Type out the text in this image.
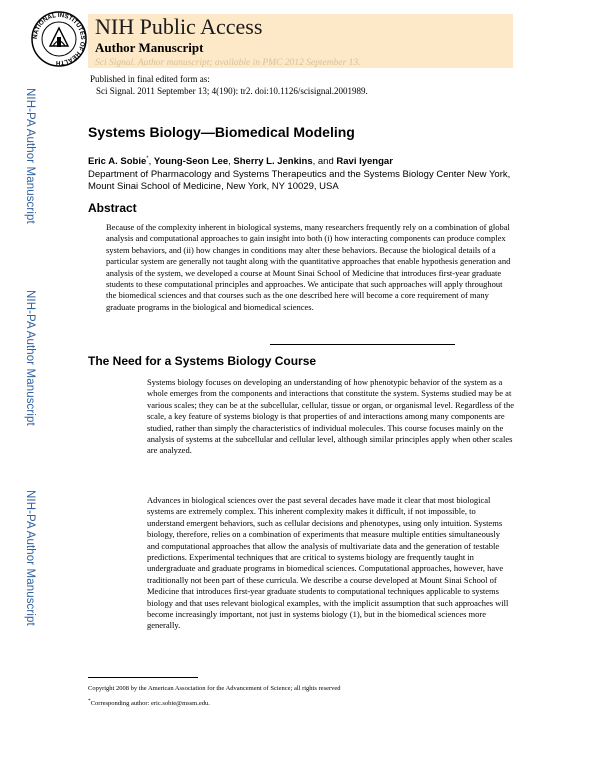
NATIONAL INSTITUTES OF HEALTH
NIH Public Access
Author Manuscript
Sci Signal. Author manuscript; available in PMC 2012 September 13.
Published in final edited form as:
Sci Signal. 2011 September 13; 4(190): tr2. doi:10.1126/scisignal.2001989.
NIH-PA Author Manuscript
NIH-PA Author Manuscript
NIH-PA Author Manuscript
Systems Biology—Biomedical Modeling
Eric A. Sobie*, Young-Seon Lee, Sherry L. Jenkins, and Ravi Iyengar
Department of Pharmacology and Systems Therapeutics and the Systems Biology Center New York, Mount Sinai School of Medicine, New York, NY 10029, USA
Abstract

Because of the complexity inherent in biological systems, many researchers frequently rely on a combination of global analysis and computational approaches to gain insight into both (i) how interacting components can produce complex system behaviors, and (ii) how changes in conditions may alter these behaviors. Because the biological details of a particular system are generally not taught along with the quantitative approaches that enable hypothesis generation and analysis of the system, we developed a course at Mount Sinai School of Medicine that introduces first-year graduate students to these computational principles and approaches. We anticipate that such approaches will apply throughout the biomedical sciences and that courses such as the one described here will become a core requirement of many graduate programs in the biological and biomedical sciences.

The Need for a Systems Biology Course

Systems biology focuses on developing an understanding of how phenotypic behavior of the system as a whole emerges from the components and interactions that constitute the system. Systems studied may be at various scales; they can be at the subcellular, cellular, tissue or organ, or organismal level. Regardless of the scale, a key feature of systems biology is that properties of and interactions among many components are studied, rather than simply the characteristics of individual molecules. This course focuses mainly on the analysis of systems at the subcellular and cellular level, although similar principles apply when other scales are analyzed.

Advances in biological sciences over the past several decades have made it clear that most biological systems are extremely complex. This inherent complexity makes it difficult, if not impossible, to understand emergent behaviors, such as cellular decisions and phenotypes, using only intuition. Systems biology, therefore, relies on a combination of experiments that measure multiple entities simultaneously and computational approaches that allow the analysis of multivariate data and the generation of testable predictions. Experimental techniques that are critical to systems biology are frequently taught in undergraduate and graduate programs in biomedical sciences. Computational approaches, however, have traditionally not been part of these curricula. We describe a course developed at Mount Sinai School of Medicine that introduces first-year graduate students to computational techniques applicable to systems biology and that uses relevant biological examples, with the implicit assumption that such approaches will become increasingly important, not just in systems biology (1), but in the biomedical sciences more generally.

Copyright 2008 by the American Association for the Advancement of Science; all rights reserved
*Corresponding author: eric.sobie@mssm.edu.
